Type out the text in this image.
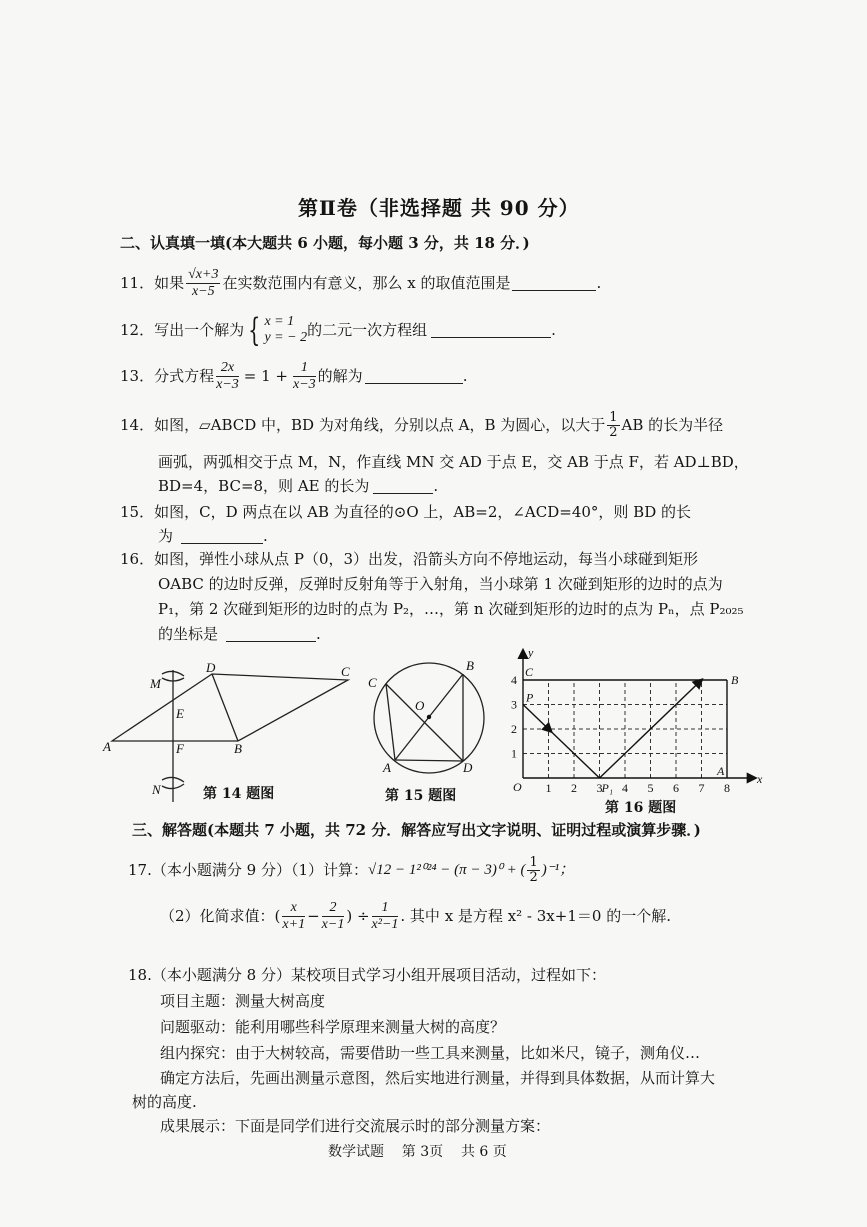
第Ⅱ卷（非选择题 共 90 分）
二、认真填一填(本大题共 6 小题，每小题 3 分，共 18 分．)
11． 如果 $\frac{√x+3}{x-5}$ 在实数范围内有意义，那么 x 的取值范围是	.
12． 写出一个解为 { x = 1
y = − 2 的二元一次方程组	.
13． 分式方程 $\frac{2x}{x-3} = 1 + \frac{1}{x-3}$ 的解为	.
14． 如图，▱ABCD 中，BD 为对角线，分别以点 A，B 为圆心，以大于 $\frac{1}{2}$ AB 的长为半径
画弧，两弧相交于点 M，N，作直线 MN 交 AD 于点 E，交 AB 于点 F，若 AD⊥BD，
BD=4，BC=8，则 AE 的长为	.
15．如图，C，D 两点在以 AB 为直径的⊙O 上，AB=2，∠ACD=40°，则 BD 的长
为	.
16．如图，弹性小球从点 P（0，3）出发，沿箭头方向不停地运动，每当小球碰到矩形
OABC 的边时反弹，反弹时反射角等于入射角，当小球第 1 次碰到矩形的边时的点为
P₁，第 2 次碰到矩形的边时的点为 P₂，…，第 n 次碰到矩形的边时的点为 Pₙ，点 P₂₀₂₅
的坐标是	.
M
D	C
E
A	F	B
N	第 14 题图
C
B
O
A	D
第 15 题图	1 2 3 4 5 6 7 8
1
2
3
4
O
y
x
C
P
B
A
P₁
第 16 题图
三、解答题(本题共 7 小题，共 72 分．解答应写出文字说明、证明过程或演算步骤．)
17. （本小题满分 9 分）（1）计算： √12 − 1²⁰²⁴ − (π − 3)⁰ + ( $\frac{1}{2} )^{-1}$；
（2）化简求值：( $\frac{x}{x+1} - \frac{2}{x-1}$ ) ÷ $\frac{1}{\text{x²−1}}$ . 其中 x 是方程 x² - 3x+1＝0 的一个解.
18.（本小题满分 8 分）某校项目式学习小组开展项目活动，过程如下：
项目主题：测量大树高度
问题驱动：能利用哪些科学原理来测量大树的高度？
组内探究：由于大树较高，需要借助一些工具来测量，比如米尺，镜子，测角仪…
确定方法后，先画出测量示意图，然后实地进行测量，并得到具体数据，从而计算大
树的高度.
成果展示：下面是同学们进行交流展示时的部分测量方案：
数学试题    第 3页    共 6 页
